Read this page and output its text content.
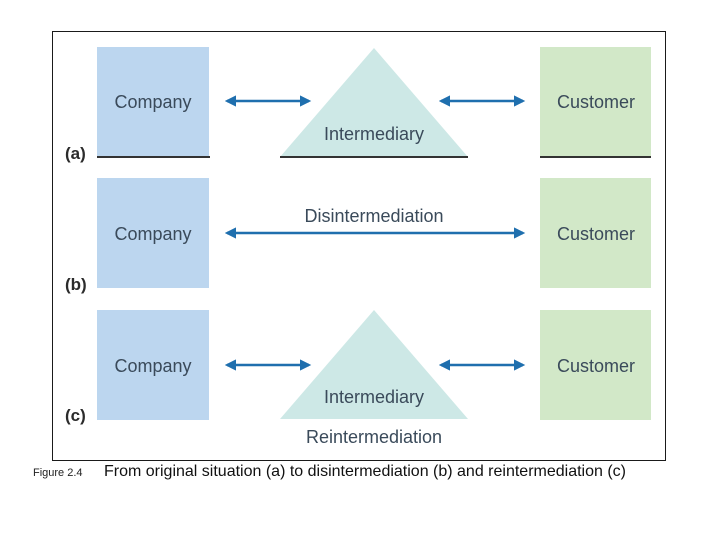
Company	Customer
Intermediary
(a)
Company	Customer
Disintermediation
(b)
Company	Customer
Intermediary
Reintermediation
(c)
Figure 2.4 From original situation (a) to disintermediation (b) and reintermediation (c)
